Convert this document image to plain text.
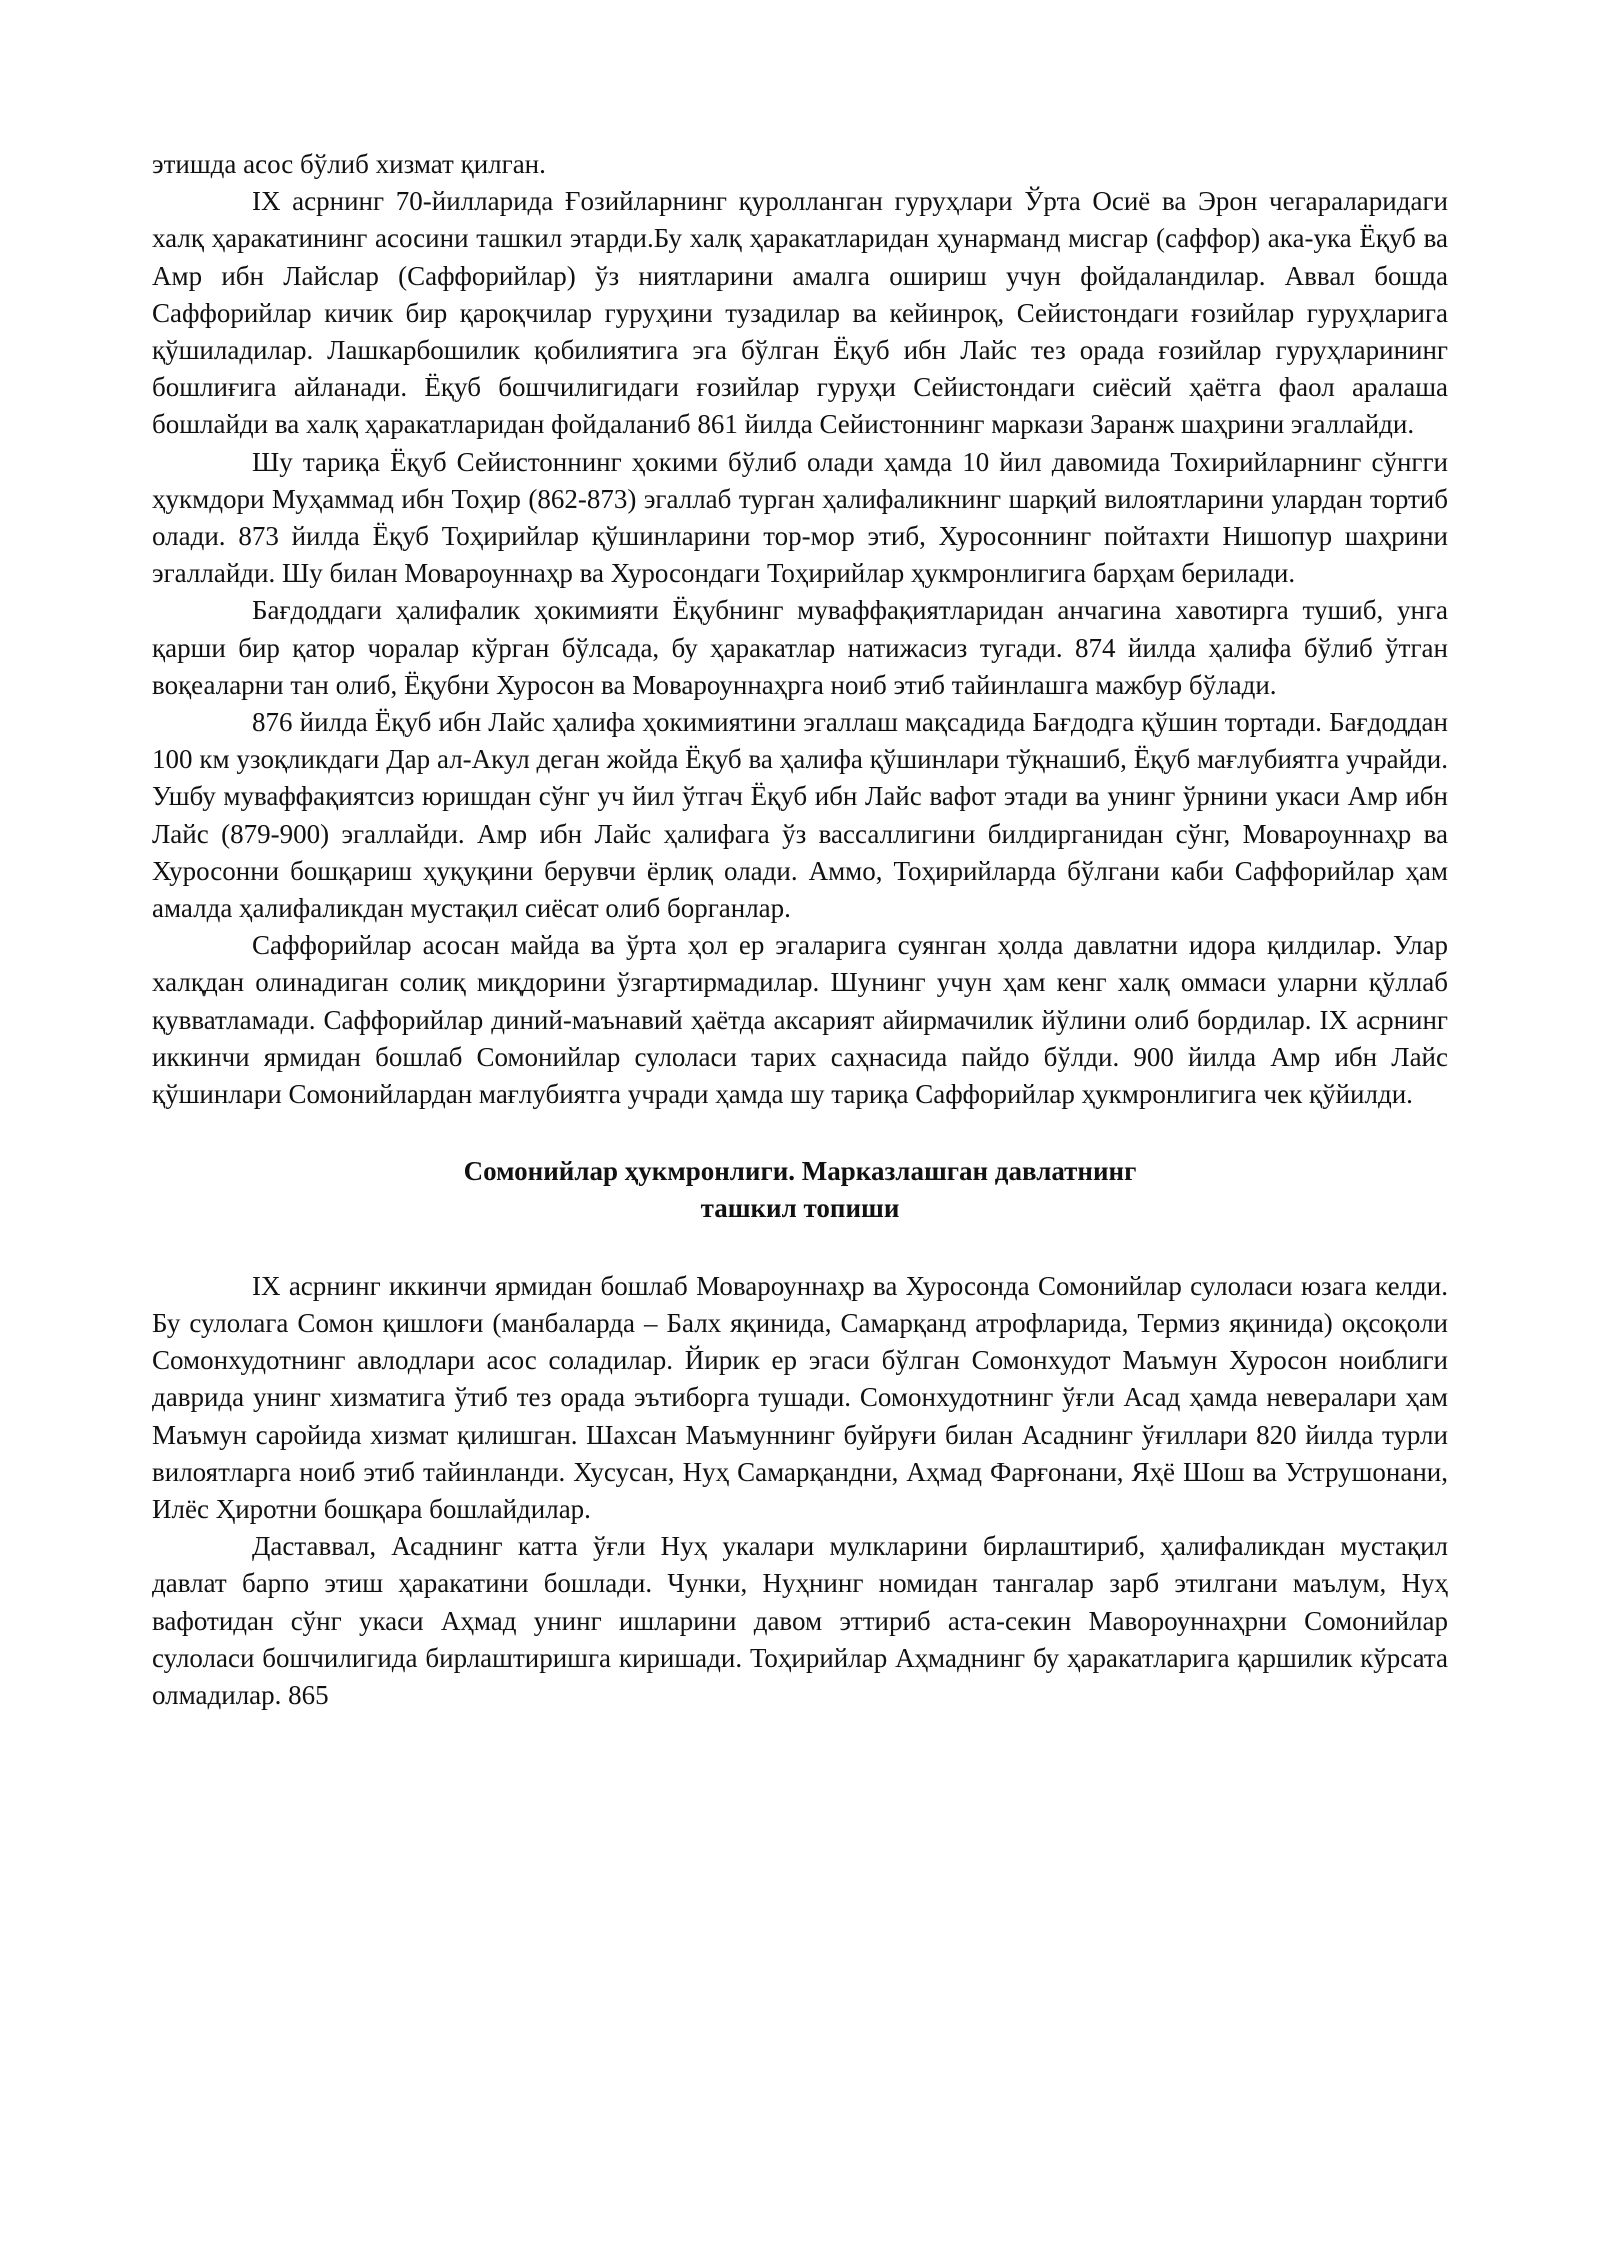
этишда асос бўлиб хизмат қилган.

IX асрнинг 70-йилларида Ғозийларнинг қуролланган гуруҳлари Ўрта Осиё ва Эрон чегараларидаги халқ ҳаракатининг асосини ташкил этарди.Бу халқ ҳаракатларидан ҳунарманд мисгар (саффор) ака-ука Ёқуб ва Амр ибн Лайслар (Саффорийлар) ўз ниятларини амалга ошириш учун фойдаландилар. Аввал бошда Саффорийлар кичик бир қароқчилар гуруҳини тузадилар ва кейинроқ, Сейистондаги ғозийлар гуруҳларига қўшиладилар. Лашкарбошилик қобилиятига эга бўлган Ёқуб ибн Лайс тез орада ғозийлар гуруҳларининг бошлиғига айланади. Ёқуб бошчилигидаги ғозийлар гуруҳи Сейистондаги сиёсий ҳаётга фаол аралаша бошлайди ва халқ ҳаракатларидан фойдаланиб 861 йилда Сейистоннинг маркази Заранж шаҳрини эгаллайди.

Шу тариқа Ёқуб Сейистоннинг ҳокими бўлиб олади ҳамда 10 йил давомида Тохирийларнинг сўнгги ҳукмдори Муҳаммад ибн Тоҳир (862-873) эгаллаб турган ҳалифаликнинг шарқий вилоятларини улардан тортиб олади. 873 йилда Ёқуб Тоҳирийлар қўшинларини тор-мор этиб, Хуросоннинг пойтахти Нишопур шаҳрини эгаллайди. Шу билан Мовароуннаҳр ва Хуросондаги Тоҳирийлар ҳукмронлигига барҳам берилади.

Бағдоддаги ҳалифалик ҳокимияти Ёқубнинг муваффақиятларидан анчагина хавотирга тушиб, унга қарши бир қатор чоралар кўрган бўлсада, бу ҳаракатлар натижасиз тугади. 874 йилда ҳалифа бўлиб ўтган воқеаларни тан олиб, Ёқубни Хуросон ва Мовароуннаҳрга ноиб этиб тайинлашга мажбур бўлади.

876 йилда Ёқуб ибн Лайс ҳалифа ҳокимиятини эгаллаш мақсадида Бағдодга қўшин тортади. Бағдоддан 100 км узоқликдаги Дар ал-Акул деган жойда Ёқуб ва ҳалифа қўшинлари тўқнашиб, Ёқуб мағлубиятга учрайди. Ушбу муваффақиятсиз юришдан сўнг уч йил ўтгач Ёқуб ибн Лайс вафот этади ва унинг ўрнини укаси Амр ибн Лайс (879-900) эгаллайди. Амр ибн Лайс ҳалифага ўз вассаллигини билдирганидан сўнг, Мовароуннаҳр ва Хуросонни бошқариш ҳуқуқини берувчи ёрлиқ олади. Аммо, Тоҳирийларда бўлгани каби Саффорийлар ҳам амалда ҳалифаликдан мустақил сиёсат олиб борганлар.

Саффорийлар асосан майда ва ўрта ҳол ер эгаларига суянган ҳолда давлатни идора қилдилар. Улар халқдан олинадиган солиқ миқдорини ўзгартирмадилар. Шунинг учун ҳам кенг халқ оммаси уларни қўллаб қувватламади. Саффорийлар диний-маънавий ҳаётда аксарият айирмачилик йўлини олиб бордилар. IX асрнинг иккинчи ярмидан бошлаб Сомонийлар сулоласи тарих саҳнасида пайдо бўлди. 900 йилда Амр ибн Лайс қўшинлари Сомонийлардан мағлубиятга учради ҳамда шу тариқа Саффорийлар ҳукмронлигига чек қўйилди.

Сомонийлар ҳукмронлиги. Марказлашган давлатнинг
ташкил топиши

IX асрнинг иккинчи ярмидан бошлаб Мовароуннаҳр ва Хуросонда Сомонийлар сулоласи юзага келди. Бу сулолага Сомон қишлоғи (манбаларда – Балх яқинида, Самарқанд атрофларида, Термиз яқинида) оқсоқоли Сомонхудотнинг авлодлари асос соладилар. Йирик ер эгаси бўлган Сомонхудот Маъмун Хуросон ноиблиги даврида унинг хизматига ўтиб тез орада эътиборга тушади. Сомонхудотнинг ўғли Асад ҳамда невералари ҳам Маъмун саройида хизмат қилишган. Шахсан Маъмуннинг буйруғи билан Асаднинг ўғиллари 820 йилда турли вилоятларга ноиб этиб тайинланди. Хусусан, Нуҳ Самарқандни, Аҳмад Фарғонани, Яҳё Шош ва Уструшонани, Илёс Ҳиротни бошқара бошлайдилар.

Даставвал, Асаднинг катта ўғли Нуҳ укалари мулкларини бирлаштириб, ҳалифаликдан мустақил давлат барпо этиш ҳаракатини бошлади. Чунки, Нуҳнинг номидан тангалар зарб этилгани маълум, Нуҳ вафотидан сўнг укаси Аҳмад унинг ишларини давом эттириб аста-секин Мавороуннаҳрни Сомонийлар сулоласи бошчилигида бирлаштиришга киришади. Тоҳирийлар Аҳмаднинг бу ҳаракатларига қаршилик кўрсата олмадилар. 865
